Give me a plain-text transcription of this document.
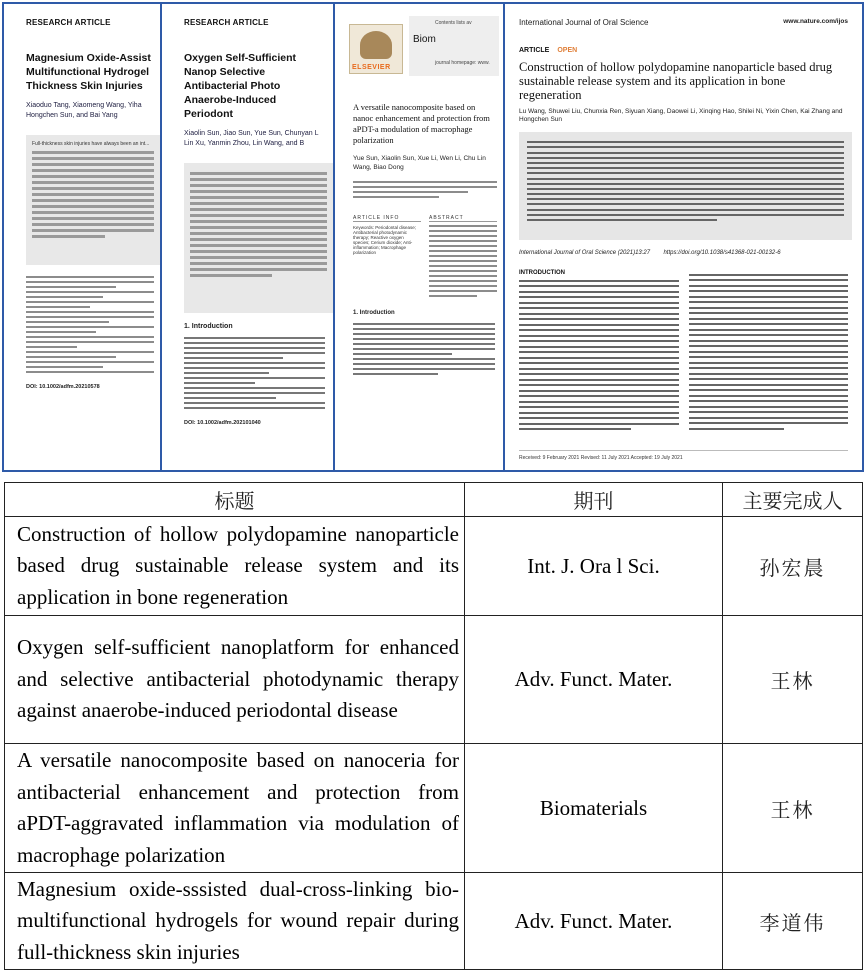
RESEARCH ARTICLE
Magnesium Oxide-Assist Multifunctional Hydrogel Thickness Skin Injuries
Xiaoduo Tang, Xiaomeng Wang, Yiha Hongchen Sun, and Bai Yang
Full-thickness skin injuries have always been an int...
DOI: 10.1002/adfm.20210578
RESEARCH ARTICLE
Oxygen Self-Sufficient Nanop Selective Antibacterial Photo Anaerobe-Induced Periodont
Xiaolin Sun, Jiao Sun, Yue Sun, Chunyan L Lin Xu, Yanmin Zhou, Lin Wang, and B
1. Introduction
DOI: 10.1002/adfm.202101040
Contents lists av
Biom
journal homepage: www.
ELSEVIER
A versatile nanocomposite based on nanoc enhancement and protection from aPDT-a modulation of macrophage polarization
Yue Sun, Xiaolin Sun, Xue Li, Wen Li, Chu Lin Wang, Biao Dong
ARTICLE INFO
Keywords: Periodontal disease; Antibacterial photodynamic therapy; Reactive oxygen species; Cerium dioxide; Anti-inflammation; Macrophage polarization
ABSTRACT
1. Introduction
International Journal of Oral Science	www.nature.com/ijos
ARTICLE OPEN
Construction of hollow polydopamine nanoparticle based drug sustainable release system and its application in bone regeneration
Lu Wang, Shuwei Liu, Chunxia Ren, Siyuan Xiang, Daowei Li, Xinqing Hao, Shilei Ni, Yixin Chen, Kai Zhang and Hongchen Sun
International Journal of Oral Science (2021)13:27 https://doi.org/10.1038/s41368-021-00132-6
INTRODUCTION
Received: 9 February 2021 Revised: 11 July 2021 Accepted: 19 July 2021
标题	期刊	主要完成人
Construction of hollow polydopamine nanoparticle based drug sustainable release system and its application in bone regeneration	Int. J. Ora l Sci.	孙宏晨
Oxygen self-sufficient nanoplatform for enhanced and selective antibacterial photodynamic therapy against anaerobe-induced periodontal disease	Adv. Funct. Mater.	王林
A versatile nanocomposite based on nanoceria for antibacterial enhancement and protection from aPDT-aggravated inflammation via modulation of macrophage polarization	Biomaterials	王林
Magnesium oxide-sssisted dual-cross-linking bio-multifunctional hydrogels for wound repair during full-thickness skin injuries	Adv. Funct. Mater.	李道伟
